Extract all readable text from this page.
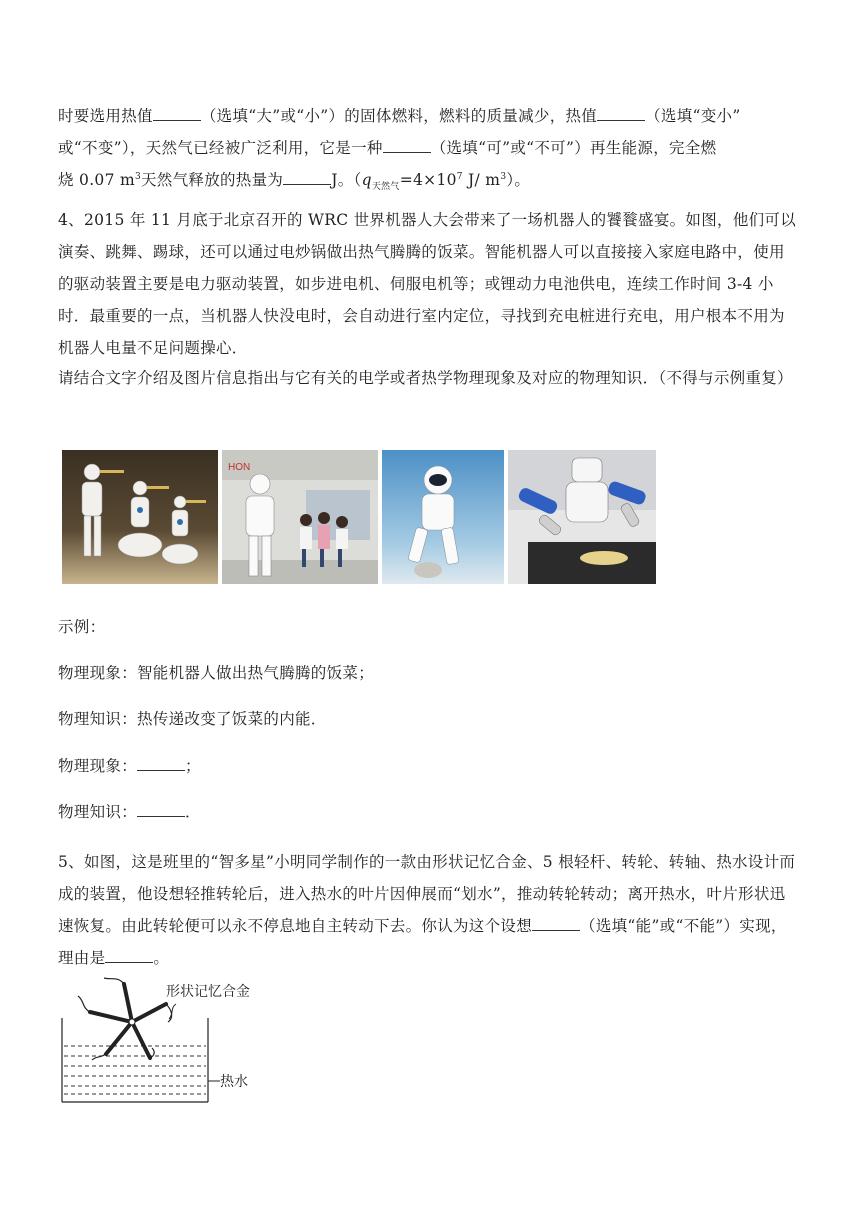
时要选用热值	（选填“大”或“小”）的固体燃料，燃料的质量减少，热值	（选填“变小”
或“不变”），天然气已经被广泛利用，它是一种	（选填“可”或“不可”）再生能源，完全燃
烧 0.07 $m^3$天然气释放的热量为	J。（$q_{天然气}=4\times 10^7$ J/ $m^3$）。
4、2015 年 11 月底于北京召开的 WRC 世界机器人大会带来了一场机器人的饕餮盛宴。如图，他们可以演奏、跳舞、踢球，还可以通过电炒锅做出热气腾腾的饭菜。智能机器人可以直接接入家庭电路中，使用的驱动装置主要是电力驱动装置，如步进电机、伺服电机等；或锂动力电池供电，连续工作时间 3-4 小时．最重要的一点，当机器人快没电时，会自动进行室内定位，寻找到充电桩进行充电，用户根本不用为机器人电量不足问题操心．
请结合文字介绍及图片信息指出与它有关的电学或者热学物理现象及对应的物理知识．（不得与示例重复）
HON
示例：
物理现象：智能机器人做出热气腾腾的饭菜；
物理知识：热传递改变了饭菜的内能．
物理现象：	；
物理知识：	．
5、如图，这是班里的“智多星”小明同学制作的一款由形状记忆合金、5 根轻杆、转轮、转轴、热水设计而成的装置，他设想轻推转轮后，进入热水的叶片因伸展而“划水”，推动转轮转动；离开热水，叶片形状迅速恢复。由此转轮便可以永不停息地自主转动下去。你认为这个设想	（选填“能”或“不能”）实现，理由是	。
形状记忆合金
热水
